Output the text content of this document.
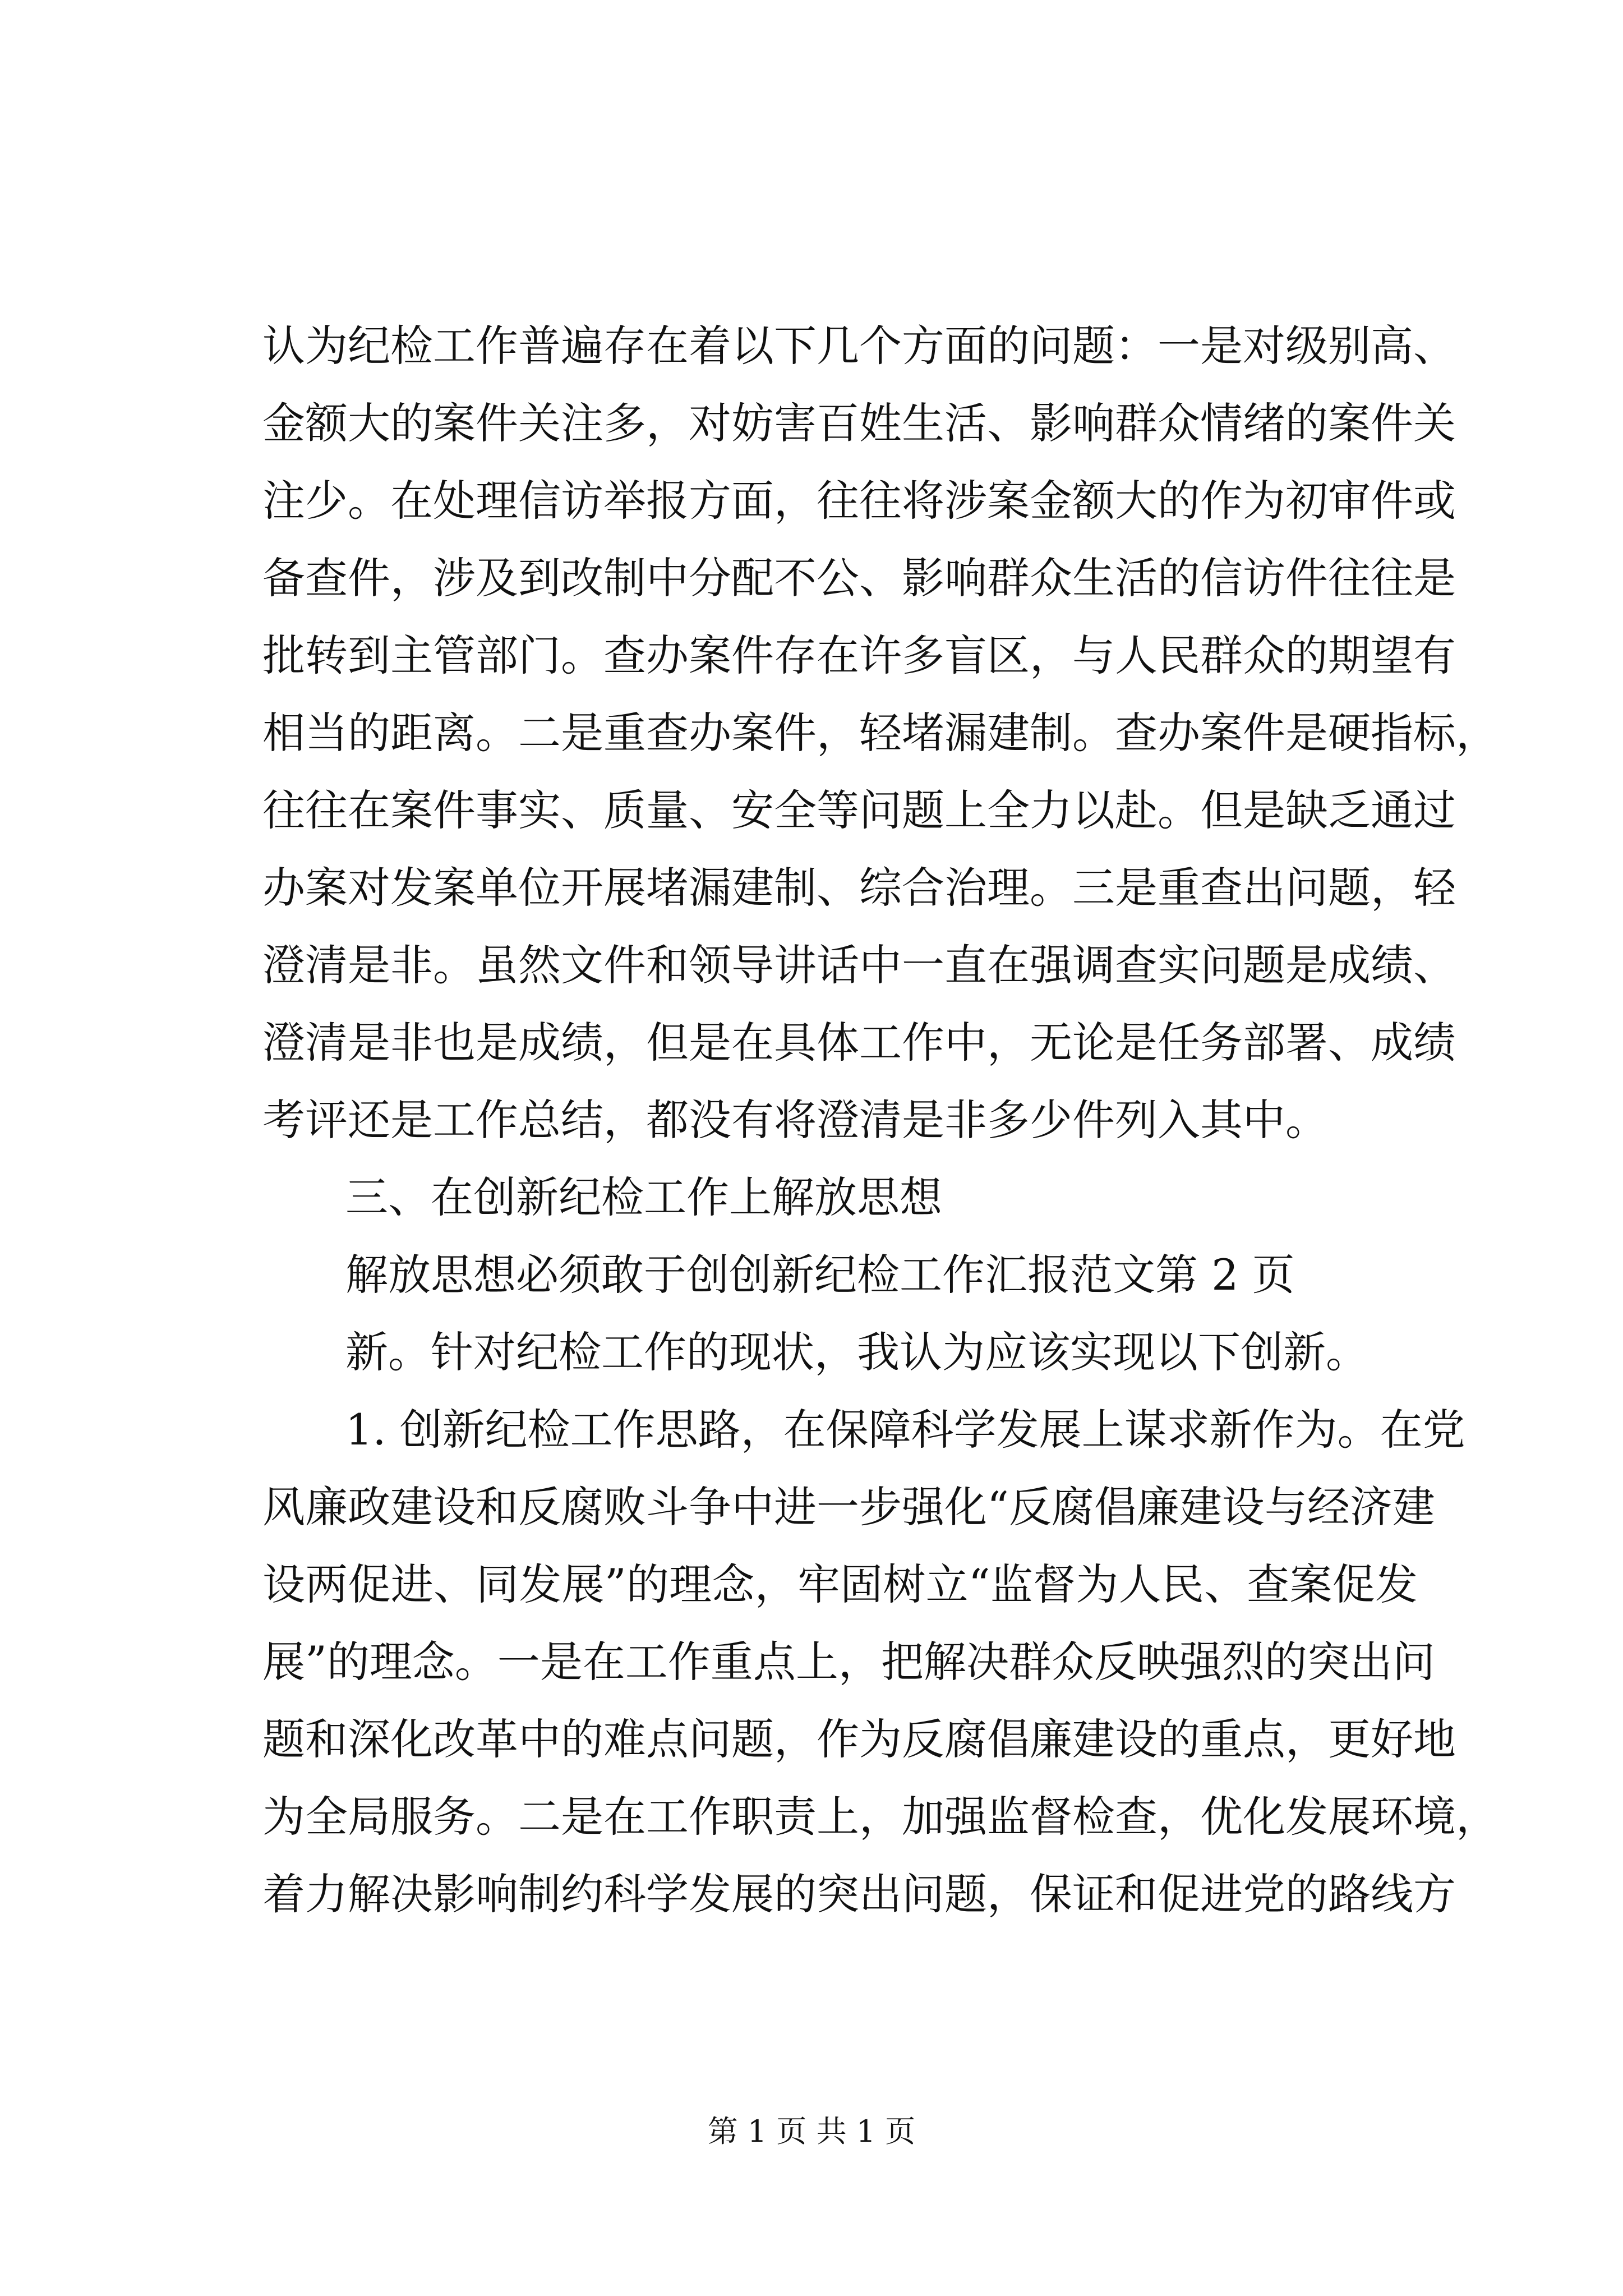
认为纪检工作普遍存在着以下几个方面的问题：一是对级别高、
金额大的案件关注多，对妨害百姓生活、影响群众情绪的案件关
注少。在处理信访举报方面，往往将涉案金额大的作为初审件或
备查件，涉及到改制中分配不公、影响群众生活的信访件往往是
批转到主管部门。查办案件存在许多盲区，与人民群众的期望有
相当的距离。二是重查办案件，轻堵漏建制。查办案件是硬指标，
往往在案件事实、质量、安全等问题上全力以赴。但是缺乏通过
办案对发案单位开展堵漏建制、综合治理。三是重查出问题，轻
澄清是非。虽然文件和领导讲话中一直在强调查实问题是成绩、
澄清是非也是成绩，但是在具体工作中，无论是任务部署、成绩
考评还是工作总结，都没有将澄清是非多少件列入其中。
三、在创新纪检工作上解放思想
解放思想必须敢于创创新纪检工作汇报范文第 2 页
新。针对纪检工作的现状，我认为应该实现以下创新。
1. 创新纪检工作思路，在保障科学发展上谋求新作为。在党
风廉政建设和反腐败斗争中进一步强化“反腐倡廉建设与经济建
设两促进、同发展”的理念，牢固树立“监督为人民、查案促发
展”的理念。一是在工作重点上，把解决群众反映强烈的突出问
题和深化改革中的难点问题，作为反腐倡廉建设的重点，更好地
为全局服务。二是在工作职责上，加强监督检查，优化发展环境，
着力解决影响制约科学发展的突出问题，保证和促进党的路线方
第 1 页 共 1 页
